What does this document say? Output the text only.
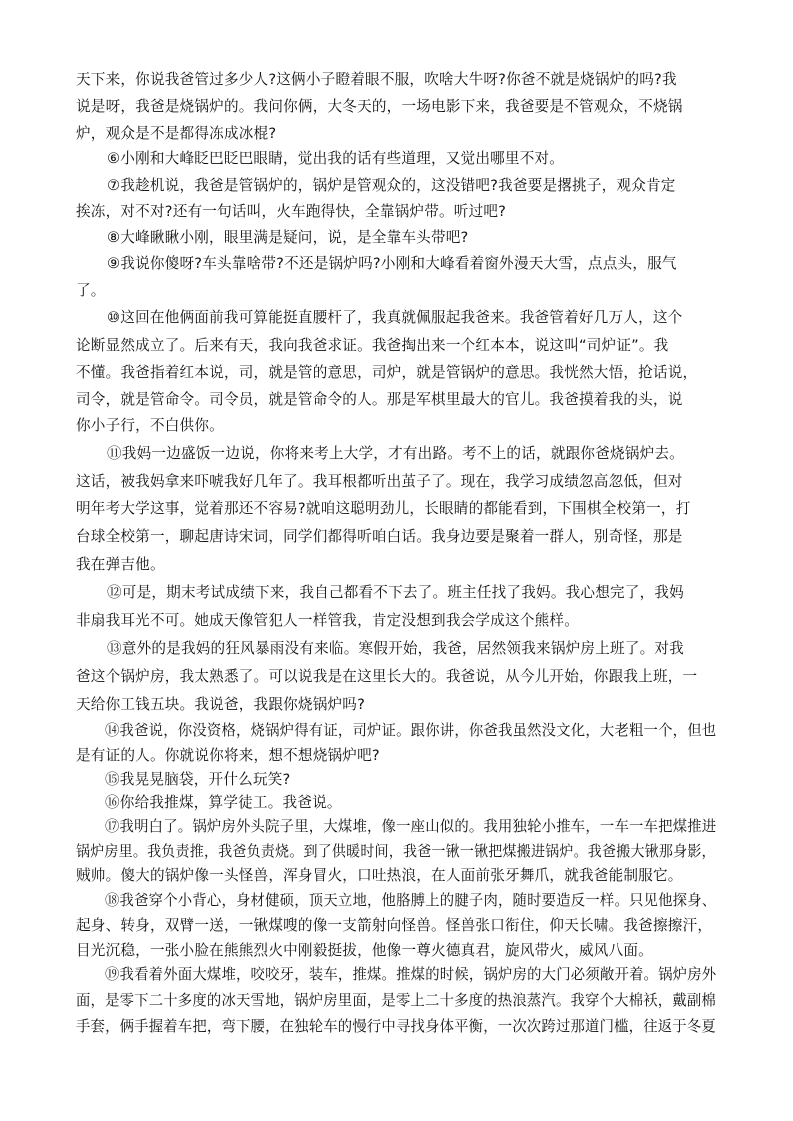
天下来，你说我爸管过多少人?这俩小子瞪着眼不服，吹啥大牛呀?你爸不就是烧锅炉的吗?我
说是呀，我爸是烧锅炉的。我问你俩，大冬天的，一场电影下来，我爸要是不管观众，不烧锅
炉，观众是不是都得冻成冰棍?
⑥小刚和大峰眨巴眨巴眼睛，觉出我的话有些道理，又觉出哪里不对。
⑦我趁机说，我爸是管锅炉的，锅炉是管观众的，这没错吧?我爸要是撂挑子，观众肯定
挨冻，对不对?还有一句话叫，火车跑得快，全靠锅炉带。听过吧?
⑧大峰瞅瞅小刚，眼里满是疑问，说，是全靠车头带吧?
⑨我说你傻呀?车头靠啥带?不还是锅炉吗?小刚和大峰看着窗外漫天大雪，点点头，服气
了。
⑩这回在他俩面前我可算能挺直腰杆了，我真就佩服起我爸来。我爸管着好几万人，这个
论断显然成立了。后来有天，我向我爸求证。我爸掏出来一个红本本，说这叫“司炉证”。我
不懂。我爸指着红本说，司，就是管的意思，司炉，就是管锅炉的意思。我恍然大悟，抢话说，
司令，就是管命令。司令员，就是管命令的人。那是军棋里最大的官儿。我爸摸着我的头，说
你小子行，不白供你。
⑪我妈一边盛饭一边说，你将来考上大学，才有出路。考不上的话，就跟你爸烧锅炉去。
这话，被我妈拿来吓唬我好几年了。我耳根都听出茧子了。现在，我学习成绩忽高忽低，但对
明年考大学这事，觉着那还不容易?就咱这聪明劲儿，长眼睛的都能看到，下围棋全校第一，打
台球全校第一，聊起唐诗宋词，同学们都得听咱白话。我身边要是聚着一群人，别奇怪，那是
我在弹吉他。
⑫可是，期末考试成绩下来，我自己都看不下去了。班主任找了我妈。我心想完了，我妈
非扇我耳光不可。她成天像管犯人一样管我，肯定没想到我会学成这个熊样。
⑬意外的是我妈的狂风暴雨没有来临。寒假开始，我爸，居然领我来锅炉房上班了。对我
爸这个锅炉房，我太熟悉了。可以说我是在这里长大的。我爸说，从今儿开始，你跟我上班，一
天给你工钱五块。我说爸，我跟你烧锅炉吗?
⑭我爸说，你没资格，烧锅炉得有证，司炉证。跟你讲，你爸我虽然没文化，大老粗一个，但也
是有证的人。你就说你将来，想不想烧锅炉吧?
⑮我晃晃脑袋，开什么玩笑?
⑯你给我推煤，算学徒工。我爸说。
⑰我明白了。锅炉房外头院子里，大煤堆，像一座山似的。我用独轮小推车，一车一车把煤推进
锅炉房里。我负责推，我爸负责烧。到了供暖时间，我爸一锹一锹把煤搬进锅炉。我爸搬大锹那身影，
贼帅。傻大的锅炉像一头怪兽，浑身冒火，口吐热浪，在人面前张牙舞爪，就我爸能制服它。
⑱我爸穿个小背心，身材健硕，顶天立地，他胳膊上的腱子肉，随时要造反一样。只见他探身、
起身、转身，双臂一送，一锹煤嗖的像一支箭射向怪兽。怪兽张口衔住，仰天长啸。我爸擦擦汗，
目光沉稳，一张小脸在熊熊烈火中刚毅挺拔，他像一尊火德真君，旋风带火，威风八面。
⑲我看着外面大煤堆，咬咬牙，装车，推煤。推煤的时候，锅炉房的大门必须敞开着。锅炉房外
面，是零下二十多度的冰天雪地，锅炉房里面，是零上二十多度的热浪蒸汽。我穿个大棉袄，戴副棉
手套，俩手握着车把，弯下腰，在独轮车的慢行中寻找身体平衡，一次次跨过那道门槛，往返于冬夏
